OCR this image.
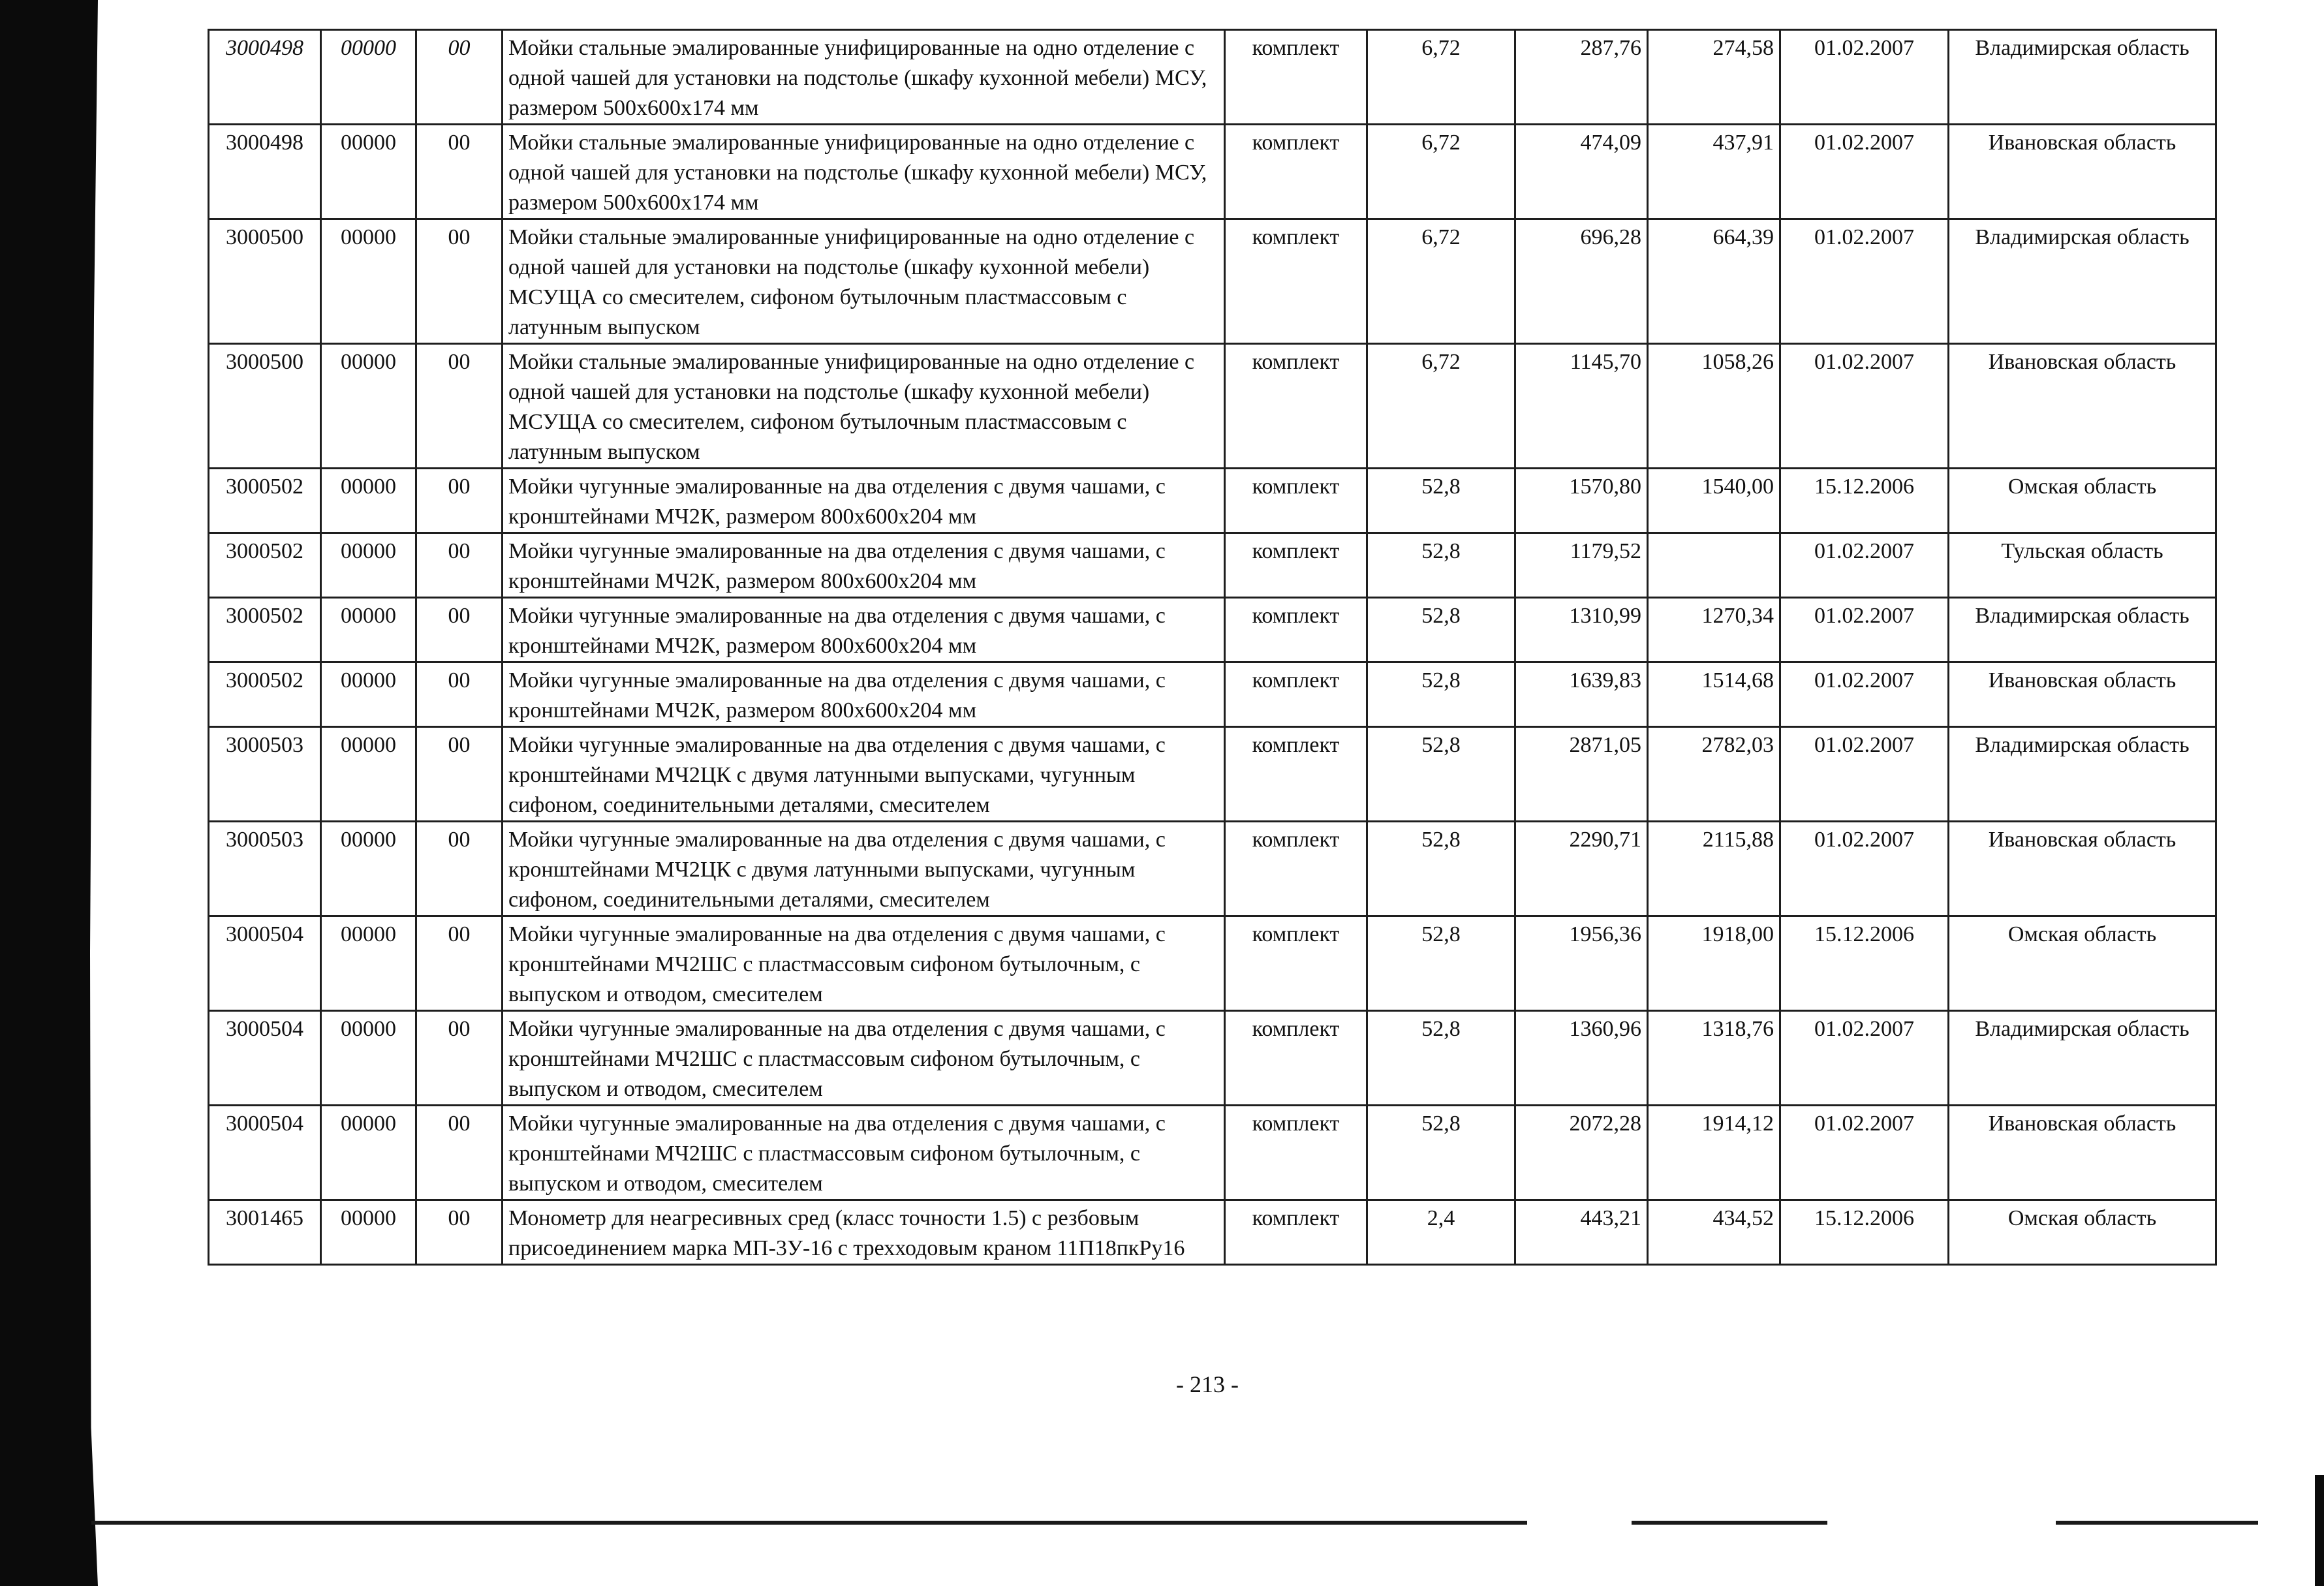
3000498	00000	00	Мойки стальные эмалированные унифицированные на одно отделение с одной чашей для установки на подстолье (шкафу кухонной мебели) МСУ, размером 500х600х174 мм	комплект	6,72	287,76	274,58	01.02.2007	Владимирская область
3000498	00000	00	Мойки стальные эмалированные унифицированные на одно отделение с одной чашей для установки на подстолье (шкафу кухонной мебели) МСУ, размером 500х600х174 мм	комплект	6,72	474,09	437,91	01.02.2007	Ивановская область
3000500	00000	00	Мойки стальные эмалированные унифицированные на одно отделение с одной чашей для установки на подстолье (шкафу кухонной мебели) МСУЩА со смесителем, сифоном бутылочным пластмассовым с латунным выпуском	комплект	6,72	696,28	664,39	01.02.2007	Владимирская область
3000500	00000	00	Мойки стальные эмалированные унифицированные на одно отделение с одной чашей для установки на подстолье (шкафу кухонной мебели) МСУЩА со смесителем, сифоном бутылочным пластмассовым с латунным выпуском	комплект	6,72	1145,70	1058,26	01.02.2007	Ивановская область
3000502	00000	00	Мойки чугунные эмалированные на два отделения с двумя чашами, с кронштейнами МЧ2К, размером 800х600х204 мм	комплект	52,8	1570,80	1540,00	15.12.2006	Омская область
3000502	00000	00	Мойки чугунные эмалированные на два отделения с двумя чашами, с кронштейнами МЧ2К, размером 800х600х204 мм	комплект	52,8	1179,52		01.02.2007	Тульская область
3000502	00000	00	Мойки чугунные эмалированные на два отделения с двумя чашами, с кронштейнами МЧ2К, размером 800х600х204 мм	комплект	52,8	1310,99	1270,34	01.02.2007	Владимирская область
3000502	00000	00	Мойки чугунные эмалированные на два отделения с двумя чашами, с кронштейнами МЧ2К, размером 800х600х204 мм	комплект	52,8	1639,83	1514,68	01.02.2007	Ивановская область
3000503	00000	00	Мойки чугунные эмалированные на два отделения с двумя чашами, с кронштейнами МЧ2ЦК с двумя латунными выпусками, чугунным сифоном, соединительными деталями, смесителем	комплект	52,8	2871,05	2782,03	01.02.2007	Владимирская область
3000503	00000	00	Мойки чугунные эмалированные на два отделения с двумя чашами, с кронштейнами МЧ2ЦК с двумя латунными выпусками, чугунным сифоном, соединительными деталями, смесителем	комплект	52,8	2290,71	2115,88	01.02.2007	Ивановская область
3000504	00000	00	Мойки чугунные эмалированные на два отделения с двумя чашами, с кронштейнами МЧ2ШС с пластмассовым сифоном бутылочным, с выпуском и отводом, смесителем	комплект	52,8	1956,36	1918,00	15.12.2006	Омская область
3000504	00000	00	Мойки чугунные эмалированные на два отделения с двумя чашами, с кронштейнами МЧ2ШС с пластмассовым сифоном бутылочным, с выпуском и отводом, смесителем	комплект	52,8	1360,96	1318,76	01.02.2007	Владимирская область
3000504	00000	00	Мойки чугунные эмалированные на два отделения с двумя чашами, с кронштейнами МЧ2ШС с пластмассовым сифоном бутылочным, с выпуском и отводом, смесителем	комплект	52,8	2072,28	1914,12	01.02.2007	Ивановская область
3001465	00000	00	Монометр для неагресивных сред (класс точности 1.5) с резбовым присоединением марка МП-3У-16 с трехходовым краном 11П18пкРу16	комплект	2,4	443,21	434,52	15.12.2006	Омская область
- 213 -
